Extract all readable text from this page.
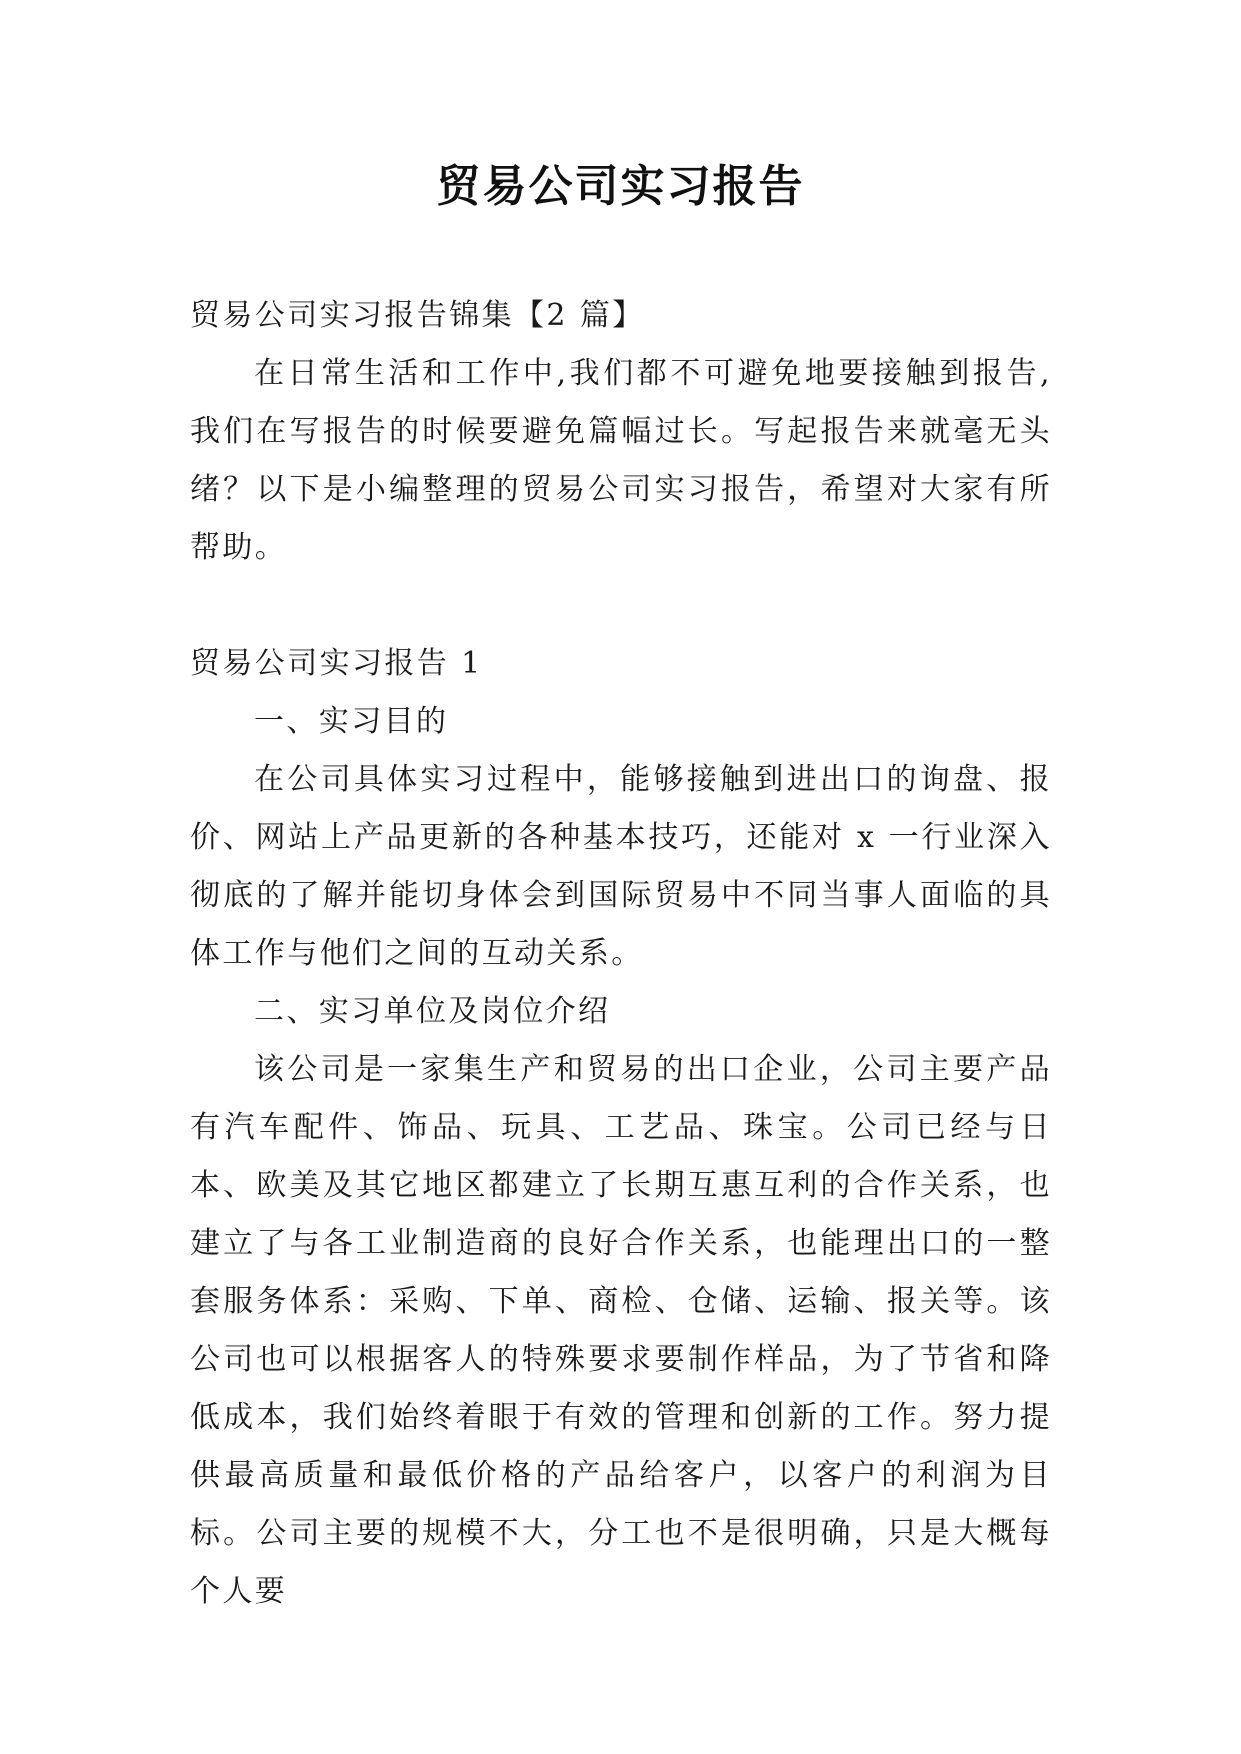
贸易公司实习报告

贸易公司实习报告锦集【2 篇】

在日常生活和工作中,我们都不可避免地要接触到报告,我们在写报告的时候要避免篇幅过长。写起报告来就毫无头绪？以下是小编整理的贸易公司实习报告，希望对大家有所帮助。

贸易公司实习报告 1

一、实习目的

在公司具体实习过程中，能够接触到进出口的询盘、报价、网站上产品更新的各种基本技巧，还能对 x 一行业深入彻底的了解并能切身体会到国际贸易中不同当事人面临的具体工作与他们之间的互动关系。

二、实习单位及岗位介绍

该公司是一家集生产和贸易的出口企业，公司主要产品有汽车配件、饰品、玩具、工艺品、珠宝。公司已经与日本、欧美及其它地区都建立了长期互惠互利的合作关系，也建立了与各工业制造商的良好合作关系，也能理出口的一整套服务体系：采购、下单、商检、仓储、运输、报关等。该公司也可以根据客人的特殊要求要制作样品，为了节省和降低成本，我们始终着眼于有效的管理和创新的工作。努力提供最高质量和最低价格的产品给客户，以客户的利润为目标。公司主要的规模不大，分工也不是很明确，只是大概每个人要
